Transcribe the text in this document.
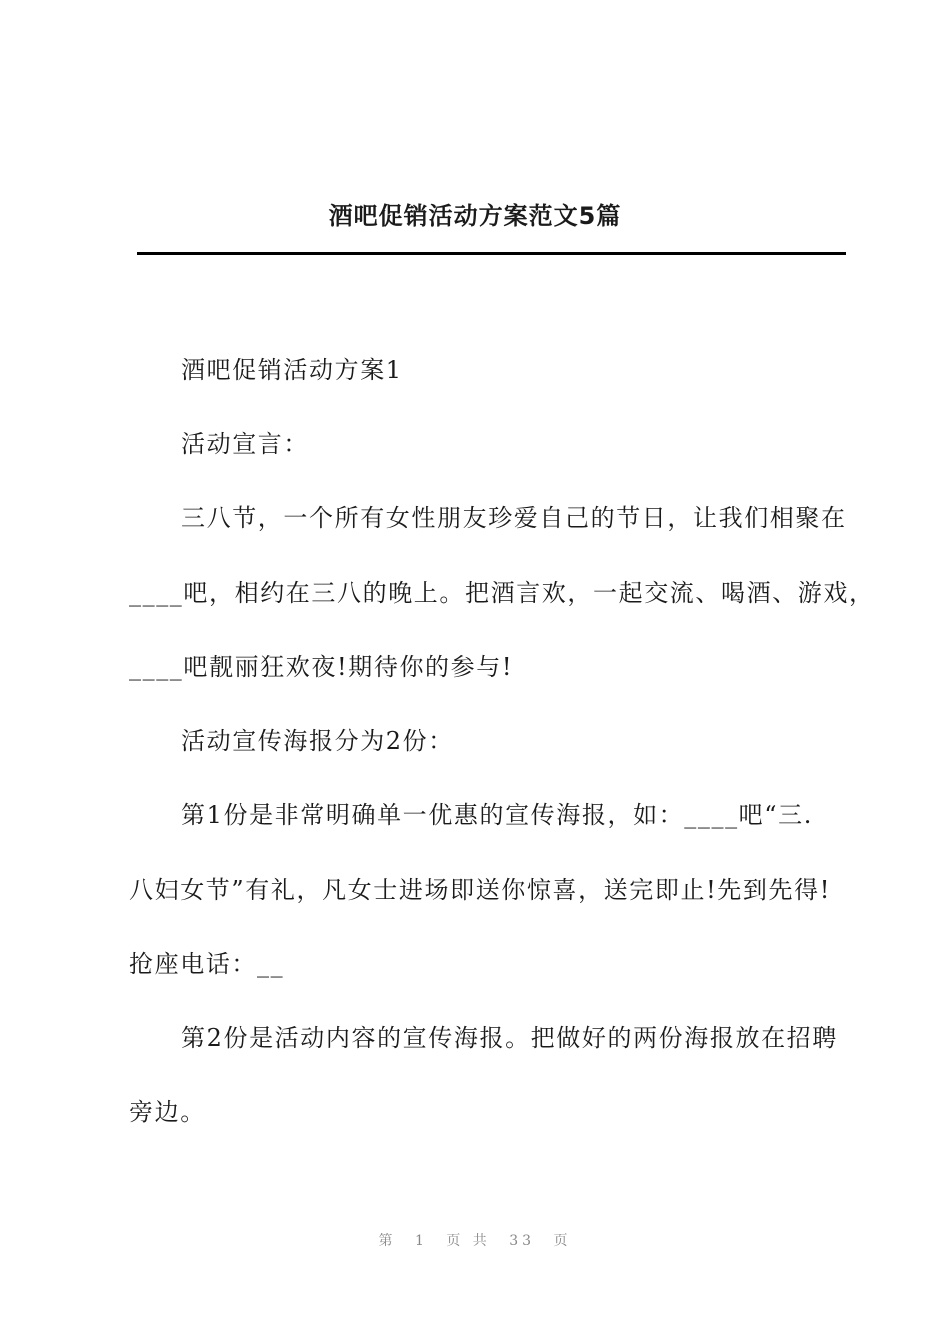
酒吧促销活动方案范文5篇
酒吧促销活动方案1
活动宣言：
三八节，一个所有女性朋友珍爱自己的节日，让我们相聚在
____吧，相约在三八的晚上。把酒言欢，一起交流、喝酒、游戏，
____吧靓丽狂欢夜!期待你的参与!
活动宣传海报分为2份：
第1份是非常明确单一优惠的宣传海报，如：____吧“三.
八妇女节”有礼，凡女士进场即送你惊喜，送完即止!先到先得!
抢座电话：__
第2份是活动内容的宣传海报。把做好的两份海报放在招聘
旁边。
第 1 页 共 33 页
